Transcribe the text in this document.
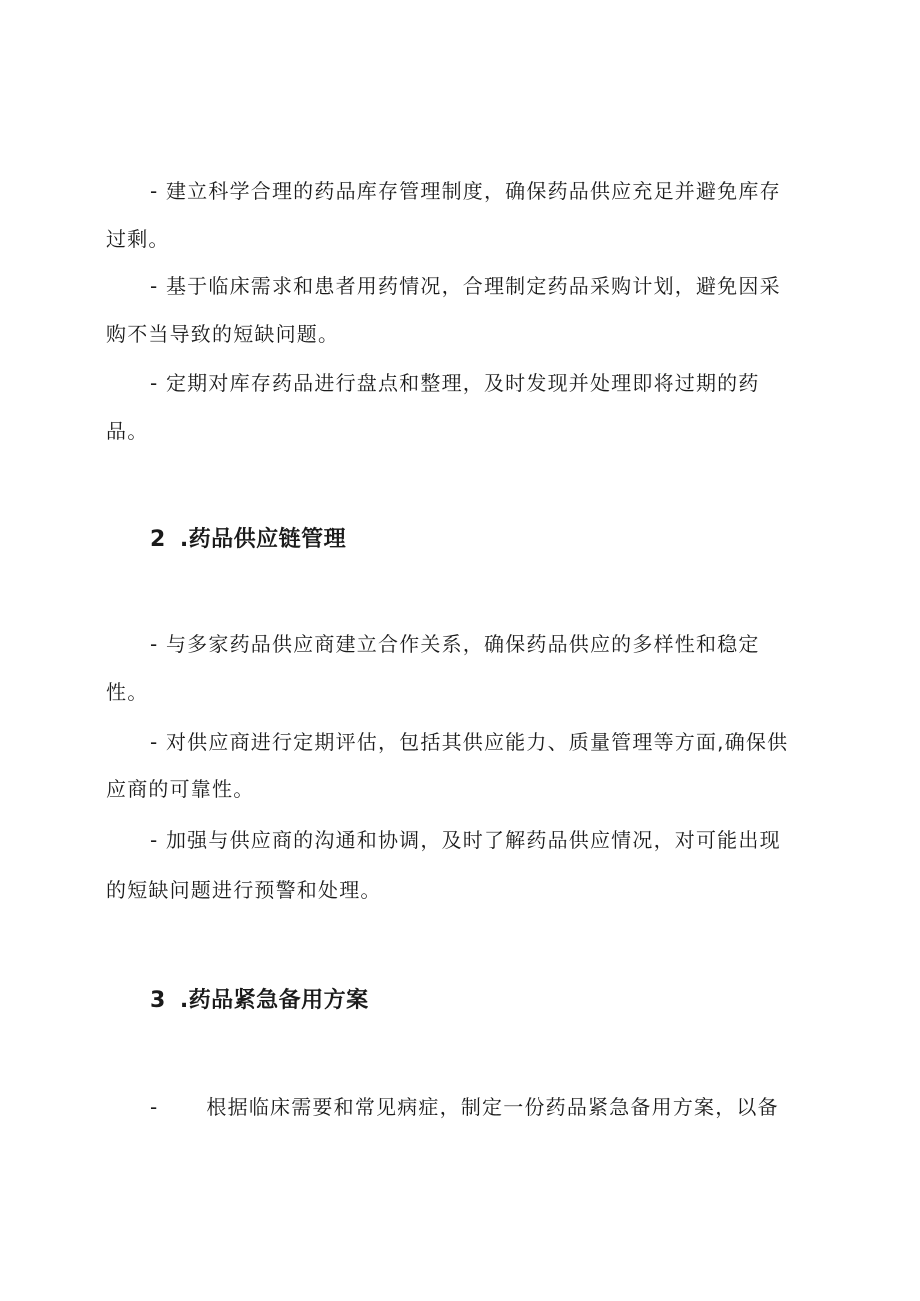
- 建立科学合理的药品库存管理制度，确保药品供应充足并避免库存
过剩。
- 基于临床需求和患者用药情况，合理制定药品采购计划，避免因采
购不当导致的短缺问题。
- 定期对库存药品进行盘点和整理，及时发现并处理即将过期的药
品。
2 .药品供应链管理
- 与多家药品供应商建立合作关系，确保药品供应的多样性和稳定
性。
- 对供应商进行定期评估，包括其供应能力、质量管理等方面,确保供
应商的可靠性。
- 加强与供应商的沟通和协调，及时了解药品供应情况，对可能出现
的短缺问题进行预警和处理。
3 .药品紧急备用方案
- 根据临床需要和常见病症，制定一份药品紧急备用方案，以备
